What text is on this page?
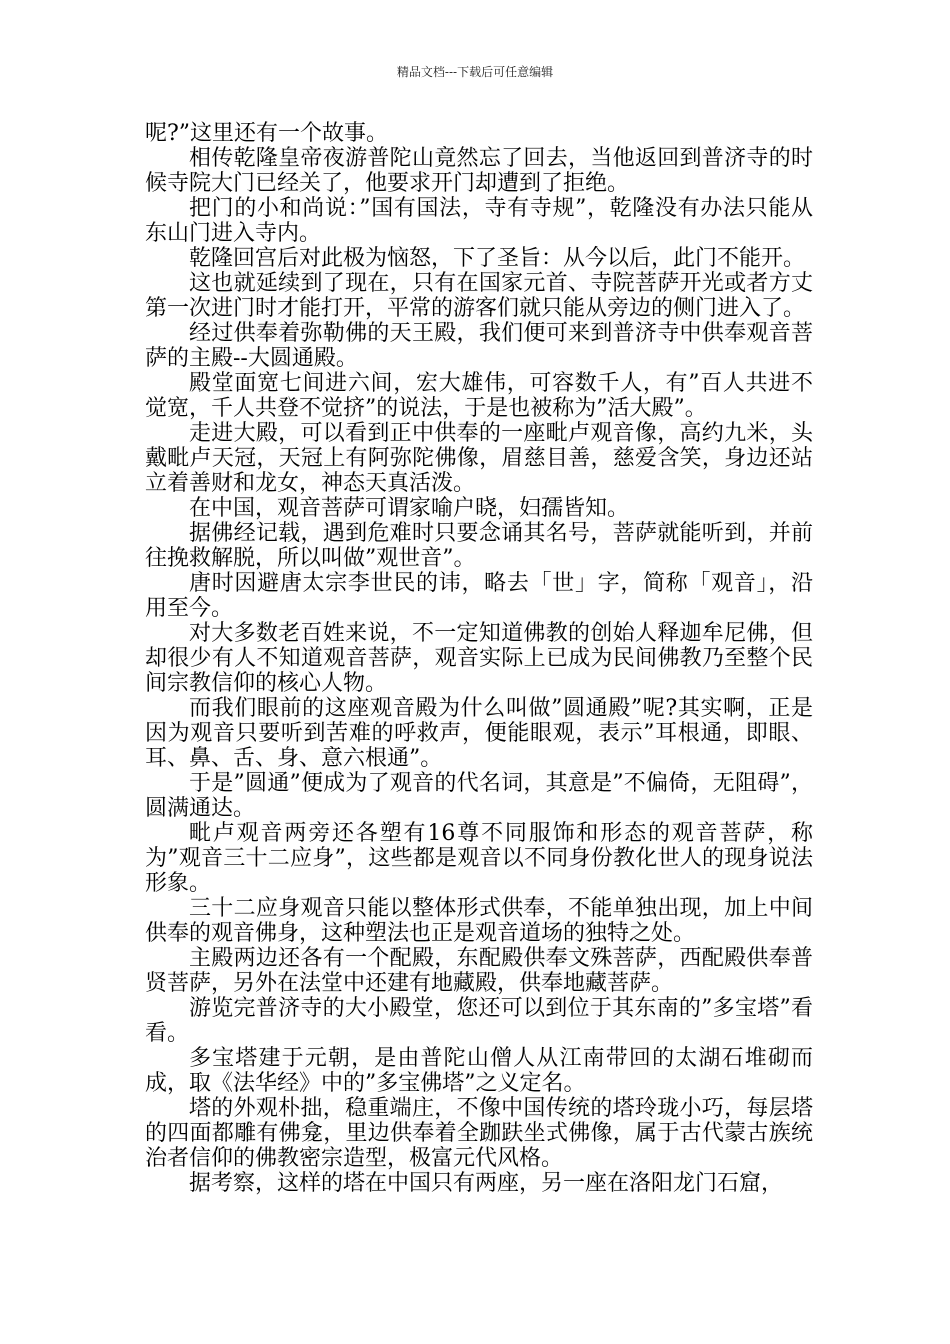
精品文档---下载后可任意编辑

呢?”这里还有一个故事。

相传乾隆皇帝夜游普陀山竟然忘了回去，当他返回到普济寺的时候寺院大门已经关了，他要求开门却遭到了拒绝。

把门的小和尚说：”国有国法，寺有寺规”，乾隆没有办法只能从东山门进入寺内。

乾隆回宫后对此极为恼怒，下了圣旨：从今以后，此门不能开。

这也就延续到了现在，只有在国家元首、寺院菩萨开光或者方丈第一次进门时才能打开，平常的游客们就只能从旁边的侧门进入了。

经过供奉着弥勒佛的天王殿，我们便可来到普济寺中供奉观音菩萨的主殿--大圆通殿。

殿堂面宽七间进六间，宏大雄伟，可容数千人，有”百人共进不觉宽，千人共登不觉挤”的说法，于是也被称为”活大殿”。

走进大殿，可以看到正中供奉的一座毗卢观音像，高约九米，头戴毗卢天冠，天冠上有阿弥陀佛像，眉慈目善，慈爱含笑，身边还站立着善财和龙女，神态天真活泼。

在中国，观音菩萨可谓家喻户晓，妇孺皆知。

据佛经记载，遇到危难时只要念诵其名号，菩萨就能听到，并前往挽救解脱，所以叫做”观世音”。

唐时因避唐太宗李世民的讳，略去「世」字，简称「观音」，沿用至今。

对大多数老百姓来说，不一定知道佛教的创始人释迦牟尼佛，但却很少有人不知道观音菩萨，观音实际上已成为民间佛教乃至整个民间宗教信仰的核心人物。

而我们眼前的这座观音殿为什么叫做”圆通殿”呢?其实啊，正是因为观音只要听到苦难的呼救声，便能眼观，表示”耳根通，即眼、耳、鼻、舌、身、意六根通”。

于是”圆通”便成为了观音的代名词，其意是”不偏倚，无阻碍”，圆满通达。

毗卢观音两旁还各塑有16尊不同服饰和形态的观音菩萨，称为”观音三十二应身”，这些都是观音以不同身份教化世人的现身说法形象。

三十二应身观音只能以整体形式供奉，不能单独出现，加上中间供奉的观音佛身，这种塑法也正是观音道场的独特之处。

主殿两边还各有一个配殿，东配殿供奉文殊菩萨，西配殿供奉普贤菩萨，另外在法堂中还建有地藏殿，供奉地藏菩萨。

游览完普济寺的大小殿堂，您还可以到位于其东南的”多宝塔”看看。

多宝塔建于元朝，是由普陀山僧人从江南带回的太湖石堆砌而成，取《法华经》中的”多宝佛塔”之义定名。

塔的外观朴拙，稳重端庄，不像中国传统的塔玲珑小巧，每层塔的四面都雕有佛龛，里边供奉着全跏趺坐式佛像，属于古代蒙古族统治者信仰的佛教密宗造型，极富元代风格。

据考察，这样的塔在中国只有两座，另一座在洛阳龙门石窟，
